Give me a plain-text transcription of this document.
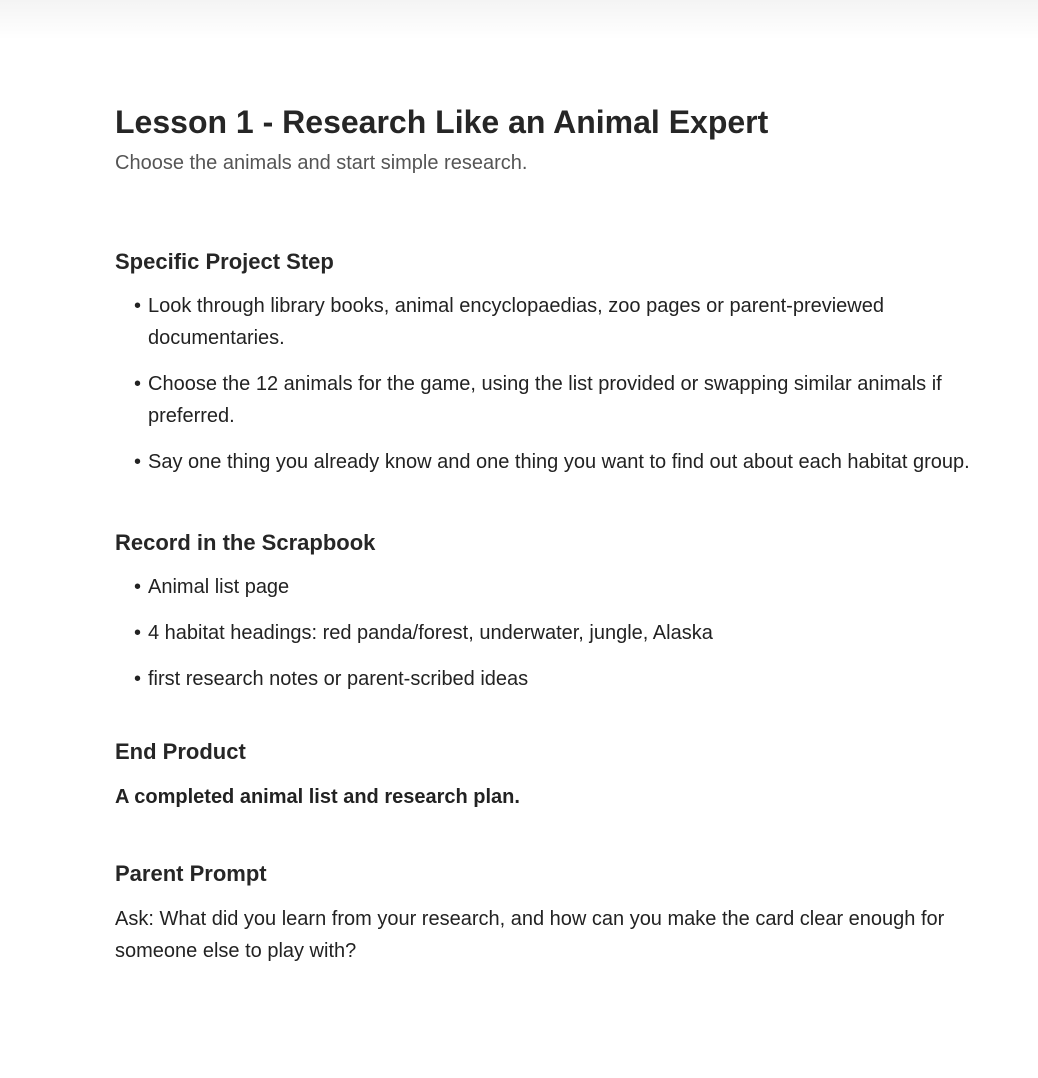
Lesson 1 - Research Like an Animal Expert

Choose the animals and start simple research.

Specific Project Step
• Look through library books, animal encyclopaedias, zoo pages or parent-previewed documentaries.
• Choose the 12 animals for the game, using the list provided or swapping similar animals if preferred.
• Say one thing you already know and one thing you want to find out about each habitat group.
Record in the Scrapbook
• Animal list page
• 4 habitat headings: red panda/forest, underwater, jungle, Alaska
• first research notes or parent-scribed ideas
End Product

A completed animal list and research plan.

Parent Prompt

Ask: What did you learn from your research, and how can you make the card clear enough for someone else to play with?
